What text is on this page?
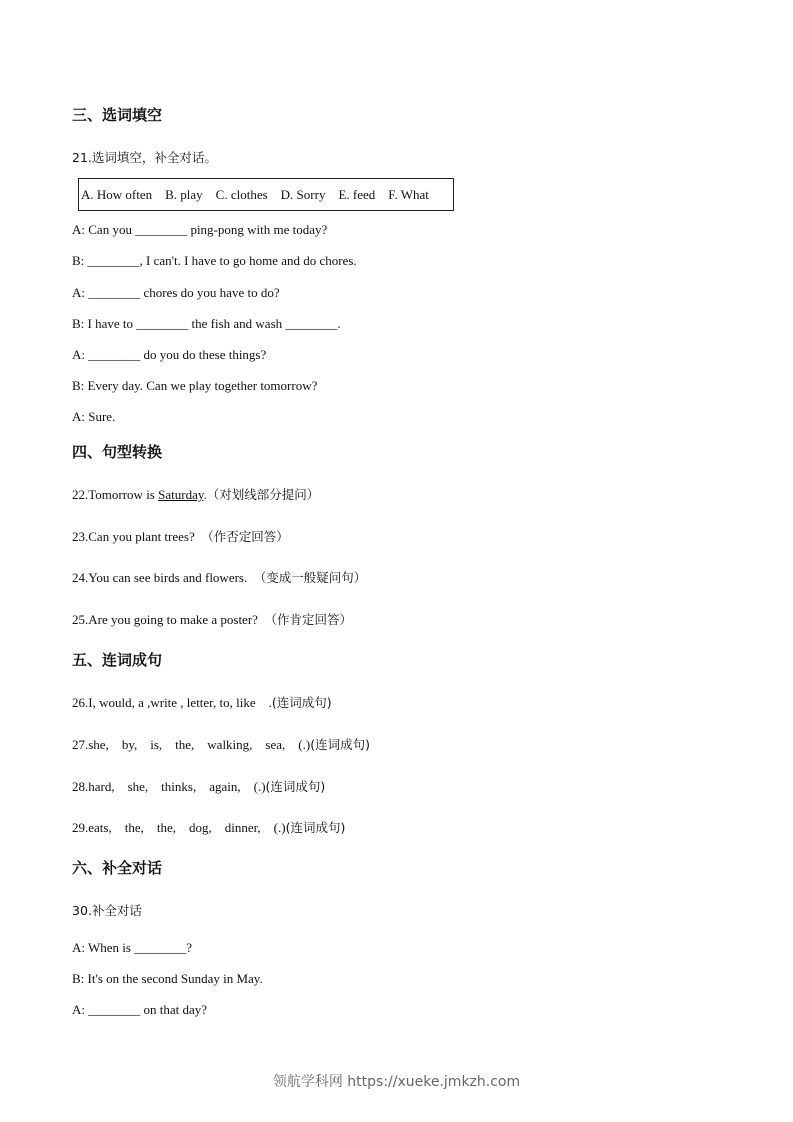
三、选词填空
21.选词填空，补全对话。
A. How often    B. play    C. clothes    D. Sorry    E. feed    F. What
A: Can you ________ ping-pong with me today?
B: ________, I can't. I have to go home and do chores.
A: ________ chores do you have to do?
B: I have to ________ the fish and wash ________.
A: ________ do you do these things?
B: Every day. Can we play together tomorrow?
A: Sure.
四、句型转换
22.Tomorrow is Saturday.（对划线部分提问）
23.Can you plant trees?  （作否定回答）
24.You can see birds and flowers.  （变成一般疑问句）
25.Are you going to make a poster?  （作肯定回答）
五、连词成句
26.I, would, a ,write , letter, to, like    .(连词成句)
27.she,    by,    is,    the,    walking,    sea,    (.)(连词成句)
28.hard,    she,    thinks,    again,    (.)(连词成句)
29.eats,    the,    the,    dog,    dinner,    (.)(连词成句)
六、补全对话
30.补全对话
A: When is ________?
B: It's on the second Sunday in May.
A: ________ on that day?
领航学科网 https://xueke.jmkzh.com
